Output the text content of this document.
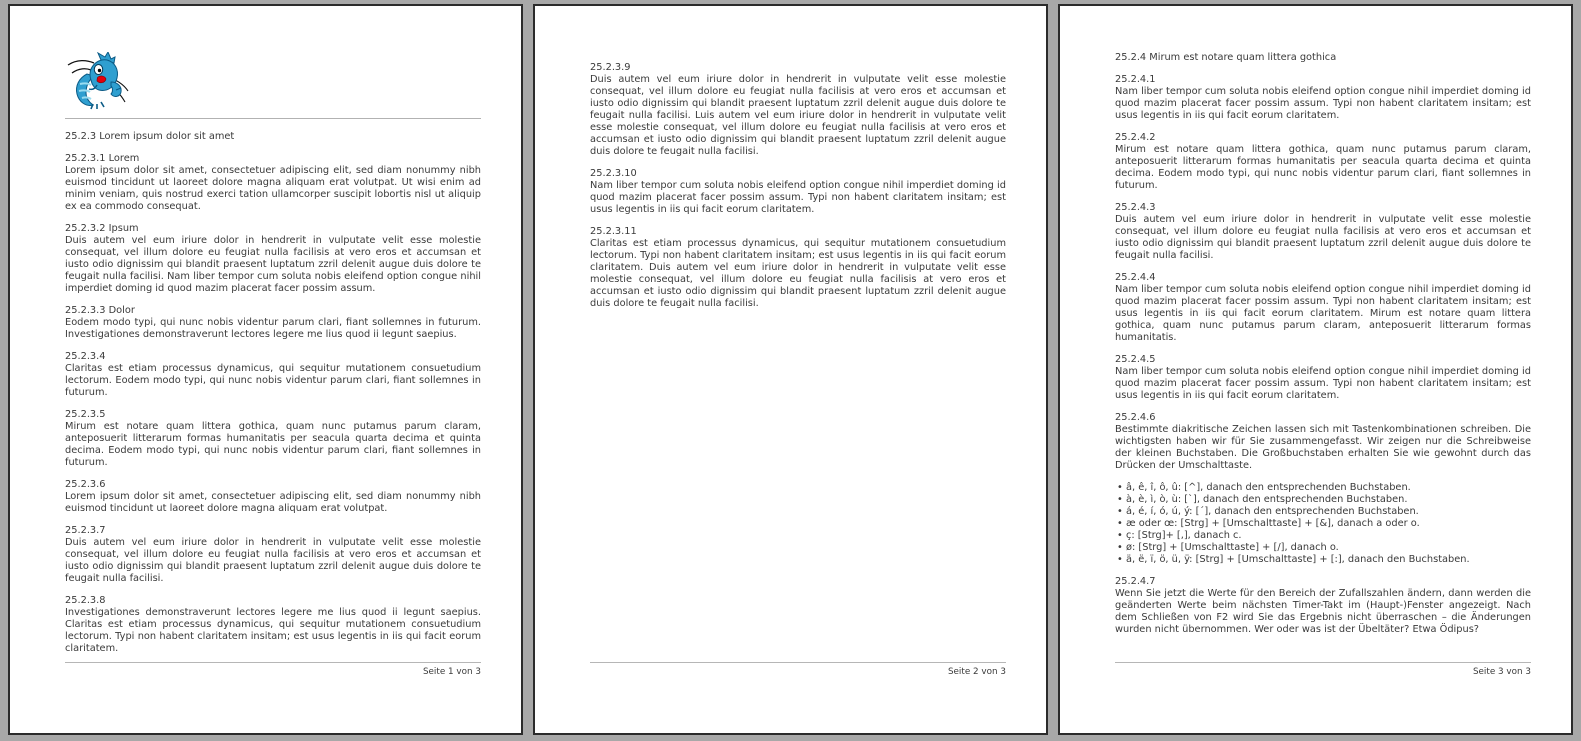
25.2.3 Lorem ipsum dolor sit amet
25.2.3.1 Lorem
Lorem ipsum dolor sit amet, consectetuer adipiscing elit, sed diam nonummy nibh euismod tincidunt ut laoreet dolore magna aliquam erat volutpat. Ut wisi enim ad minim veniam, quis nostrud exerci tation ullamcorper suscipit lobortis nisl ut aliquip ex ea commodo consequat.
25.2.3.2 Ipsum
Duis autem vel eum iriure dolor in hendrerit in vulputate velit esse molestie consequat, vel illum dolore eu feugiat nulla facilisis at vero eros et accumsan et iusto odio dignissim qui blandit praesent luptatum zzril delenit augue duis dolore te feugait nulla facilisi. Nam liber tempor cum soluta nobis eleifend option congue nihil imperdiet doming id quod mazim placerat facer possim assum.
25.2.3.3 Dolor
Eodem modo typi, qui nunc nobis videntur parum clari, fiant sollemnes in futurum. Investigationes demonstraverunt lectores legere me lius quod ii legunt saepius.
25.2.3.4
Claritas est etiam processus dynamicus, qui sequitur mutationem consuetudium lectorum. Eodem modo typi, qui nunc nobis videntur parum clari, fiant sollemnes in futurum.
25.2.3.5
Mirum est notare quam littera gothica, quam nunc putamus parum claram, anteposuerit litterarum formas humanitatis per seacula quarta decima et quinta decima. Eodem modo typi, qui nunc nobis videntur parum clari, fiant sollemnes in futurum.
25.2.3.6
Lorem ipsum dolor sit amet, consectetuer adipiscing elit, sed diam nonummy nibh euismod tincidunt ut laoreet dolore magna aliquam erat volutpat.
25.2.3.7
Duis autem vel eum iriure dolor in hendrerit in vulputate velit esse molestie consequat, vel illum dolore eu feugiat nulla facilisis at vero eros et accumsan et iusto odio dignissim qui blandit praesent luptatum zzril delenit augue duis dolore te feugait nulla facilisi.
25.2.3.8
Investigationes demonstraverunt lectores legere me lius quod ii legunt saepius. Claritas est etiam processus dynamicus, qui sequitur mutationem consuetudium lectorum. Typi non habent claritatem insitam; est usus legentis in iis qui facit eorum claritatem.
Seite 1 von 3
25.2.3.9
Duis autem vel eum iriure dolor in hendrerit in vulputate velit esse molestie consequat, vel illum dolore eu feugiat nulla facilisis at vero eros et accumsan et iusto odio dignissim qui blandit praesent luptatum zzril delenit augue duis dolore te feugait nulla facilisi. Luis autem vel eum iriure dolor in hendrerit in vulputate velit esse molestie consequat, vel illum dolore eu feugiat nulla facilisis at vero eros et accumsan et iusto odio dignissim qui blandit praesent luptatum zzril delenit augue duis dolore te feugait nulla facilisi.
25.2.3.10
Nam liber tempor cum soluta nobis eleifend option congue nihil imperdiet doming id quod mazim placerat facer possim assum. Typi non habent claritatem insitam; est usus legentis in iis qui facit eorum claritatem.
25.2.3.11
Claritas est etiam processus dynamicus, qui sequitur mutationem consuetudium lectorum. Typi non habent claritatem insitam; est usus legentis in iis qui facit eorum claritatem. Duis autem vel eum iriure dolor in hendrerit in vulputate velit esse molestie consequat, vel illum dolore eu feugiat nulla facilisis at vero eros et accumsan et iusto odio dignissim qui blandit praesent luptatum zzril delenit augue duis dolore te feugait nulla facilisi.
Seite 2 von 3
25.2.4 Mirum est notare quam littera gothica
25.2.4.1
Nam liber tempor cum soluta nobis eleifend option congue nihil imperdiet doming id quod mazim placerat facer possim assum. Typi non habent claritatem insitam; est usus legentis in iis qui facit eorum claritatem.
25.2.4.2
Mirum est notare quam littera gothica, quam nunc putamus parum claram, anteposuerit litterarum formas humanitatis per seacula quarta decima et quinta decima. Eodem modo typi, qui nunc nobis videntur parum clari, fiant sollemnes in futurum.
25.2.4.3
Duis autem vel eum iriure dolor in hendrerit in vulputate velit esse molestie consequat, vel illum dolore eu feugiat nulla facilisis at vero eros et accumsan et iusto odio dignissim qui blandit praesent luptatum zzril delenit augue duis dolore te feugait nulla facilisi.
25.2.4.4
Nam liber tempor cum soluta nobis eleifend option congue nihil imperdiet doming id quod mazim placerat facer possim assum. Typi non habent claritatem insitam; est usus legentis in iis qui facit eorum claritatem. Mirum est notare quam littera gothica, quam nunc putamus parum claram, anteposuerit litterarum formas humanitatis.
25.2.4.5
Nam liber tempor cum soluta nobis eleifend option congue nihil imperdiet doming id quod mazim placerat facer possim assum. Typi non habent claritatem insitam; est usus legentis in iis qui facit eorum claritatem.
25.2.4.6
Bestimmte diakritische Zeichen lassen sich mit Tastenkombinationen schreiben. Die wichtigsten haben wir für Sie zusammengefasst. Wir zeigen nur die Schreibweise der kleinen Buchstaben. Die Großbuchstaben erhalten Sie wie gewohnt durch das Drücken der Umschalttaste.
• â, ê, î, ô, û: [^], danach den entsprechenden Buchstaben.
• à, è, ì, ò, ù: [`], danach den entsprechenden Buchstaben.
• á, é, í, ó, ú, ý: [´], danach den entsprechenden Buchstaben.
• æ oder œ: [Strg] + [Umschalttaste] + [&], danach a oder o.
• ç: [Strg]+ [,], danach c.
• ø: [Strg] + [Umschalttaste] + [/], danach o.
• ä, ë, ï, ö, ü, ÿ: [Strg] + [Umschalttaste] + [:], danach den Buchstaben.
25.2.4.7
Wenn Sie jetzt die Werte für den Bereich der Zufallszahlen ändern, dann werden die geänderten Werte beim nächsten Timer-Takt im (Haupt-)Fenster angezeigt. Nach dem Schließen von F2 wird Sie das Ergebnis nicht überraschen – die Änderungen wurden nicht übernommen. Wer oder was ist der Übeltäter? Etwa Ödipus?
Seite 3 von 3
